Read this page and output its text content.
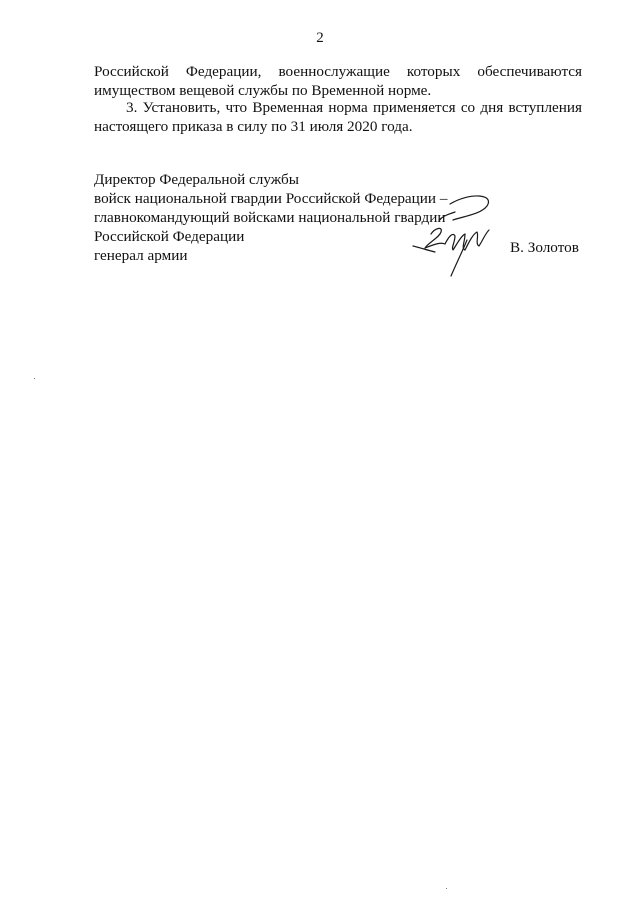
2
Российской Федерации, военнослужащие которых обеспечиваются
имуществом вещевой службы по Временной норме.
3. Установить, что Временная норма применяется со дня вступления
настоящего приказа в силу по 31 июля 2020 года.
Директор Федеральной службы
войск национальной гвардии Российской Федерации –
главнокомандующий войсками национальной гвардии
Российской Федерации
генерал армии	В. Золотов
